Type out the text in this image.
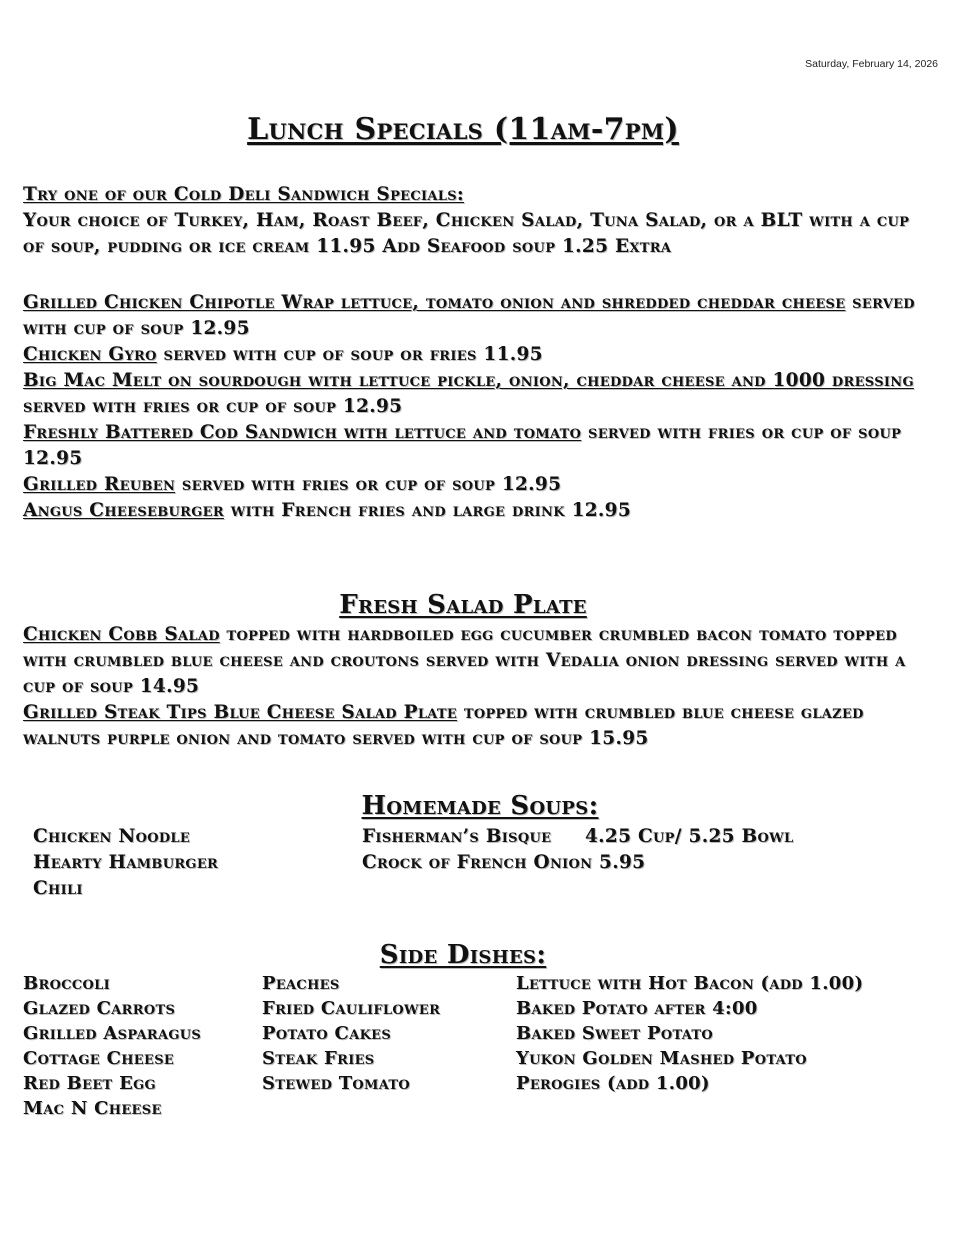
Saturday, February 14, 2026
Lunch Specials (11am-7pm)

Try one of our Cold Deli Sandwich Specials:

Your choice of Turkey, Ham, Roast Beef, Chicken Salad, Tuna Salad, or a BLT with a cup of soup, pudding or ice cream 11.95 Add Seafood soup 1.25 Extra

Grilled Chicken Chipotle Wrap lettuce, tomato onion and shredded cheddar cheese served with cup of soup 12.95

Chicken Gyro served with cup of soup or fries 11.95

Big Mac Melt on sourdough with lettuce pickle, onion, cheddar cheese and 1000 dressing served with fries or cup of soup 12.95

Freshly Battered Cod Sandwich with lettuce and tomato served with fries or cup of soup 12.95

Grilled Reuben served with fries or cup of soup 12.95

Angus Cheeseburger with French fries and large drink 12.95

Fresh Salad Plate

Chicken Cobb Salad topped with hardboiled egg cucumber crumbled bacon tomato topped with crumbled blue cheese and croutons served with Vedalia onion dressing served with a cup of soup 14.95

Grilled Steak Tips Blue Cheese Salad Plate topped with crumbled blue cheese glazed walnuts purple onion and tomato served with cup of soup 15.95

Homemade Soups:
Chicken Noodle
Hearty Hamburger
Chili
Fisherman’s Bisque
Crock of French Onion 5.95
4.25 Cup/ 5.25 Bowl
Side Dishes:
Broccoli
Glazed Carrots
Grilled Asparagus
Cottage Cheese
Red Beet Egg
Mac N Cheese
Peaches
Fried Cauliflower
Potato Cakes
Steak Fries
Stewed Tomato
Lettuce with Hot Bacon (add 1.00)
Baked Potato after 4:00
Baked Sweet Potato
Yukon Golden Mashed Potato
Perogies (add 1.00)
